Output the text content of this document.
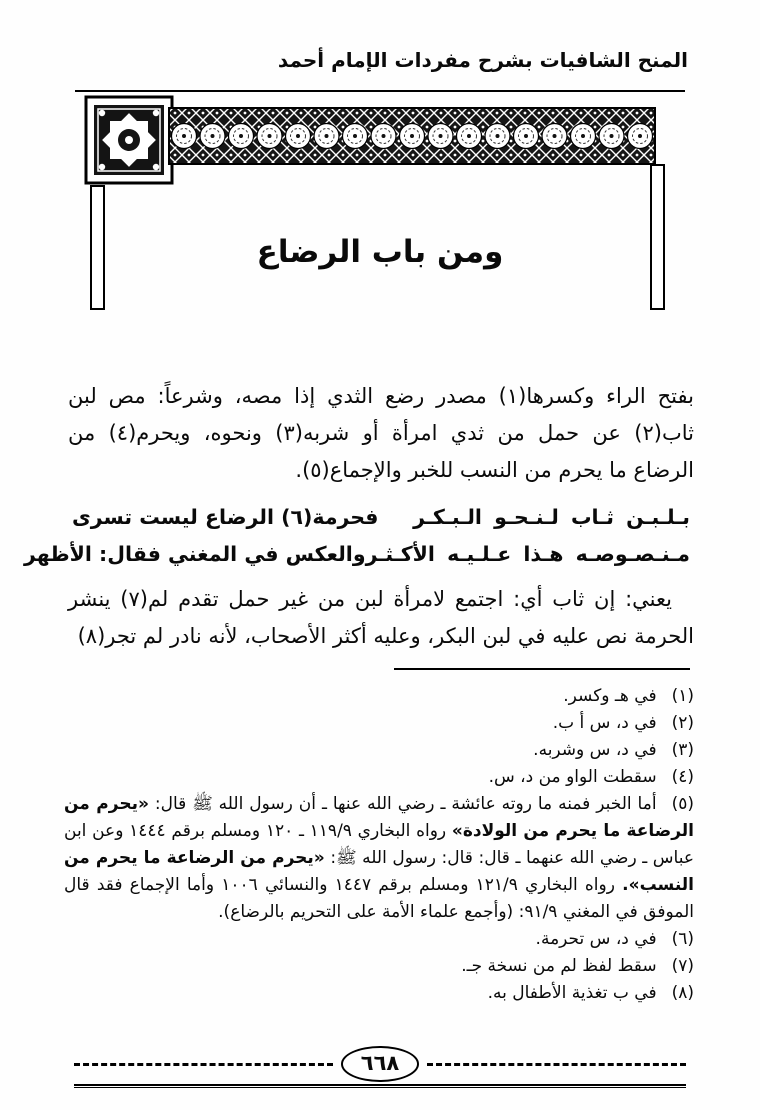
المنح الشافيات بشرح مفردات الإمام أحمد
ومن باب الرضاع

بفتح الراء وكسرها(١) مصدر رضع الثدي إذا مصه، وشرعاً: مص لبن ثاب(٢) عن حمل من ثدي امرأة أو شربه(٣) ونحوه، ويحرم(٤) من الرضاع ما يحرم من النسب للخبر والإجماع(٥).

بـلـبـن ثـاب لـنـحـو الـبـكـر
فحرمة(٦) الرضاع ليست تسرى
مـنـصـوصـه هـذا عـلـيـه الأكـثـر
والعكس في المغني فقال: الأظهر

يعني: إن ثاب أي: اجتمع لامرأة لبن من غير حمل تقدم لم(٧) ينشر الحرمة نص عليه في لبن البكر، وعليه أكثر الأصحاب، لأنه نادر لم تجر(٨)

(١)في هـ وكسر.

(٢)في د، س أ ب.

(٣)في د، س وشربه.

(٤)سقطت الواو من د، س.

(٥)أما الخبر فمنه ما روته عائشة ـ رضي الله عنها ـ أن رسول الله ﷺ قال: «يحرم من الرضاعة ما يحرم من الولادة» رواه البخاري ١١٩/٩ ـ ١٢٠ ومسلم برقم ١٤٤٤ وعن ابن عباس ـ رضي الله عنهما ـ قال: قال: رسول الله ﷺ: «يحرم من الرضاعة ما يحرم من النسب». رواه البخاري ١٢١/٩ ومسلم برقم ١٤٤٧ والنسائي ١٠٠٦ وأما الإجماع فقد قال الموفق في المغني ٩١/٩: (وأجمع علماء الأمة على التحريم بالرضاع).

(٦)في د، س تحرمة.

(٧)سقط لفظ لم من نسخة جـ.

(٨)في ب تغذية الأطفال به.

٦٦٨
